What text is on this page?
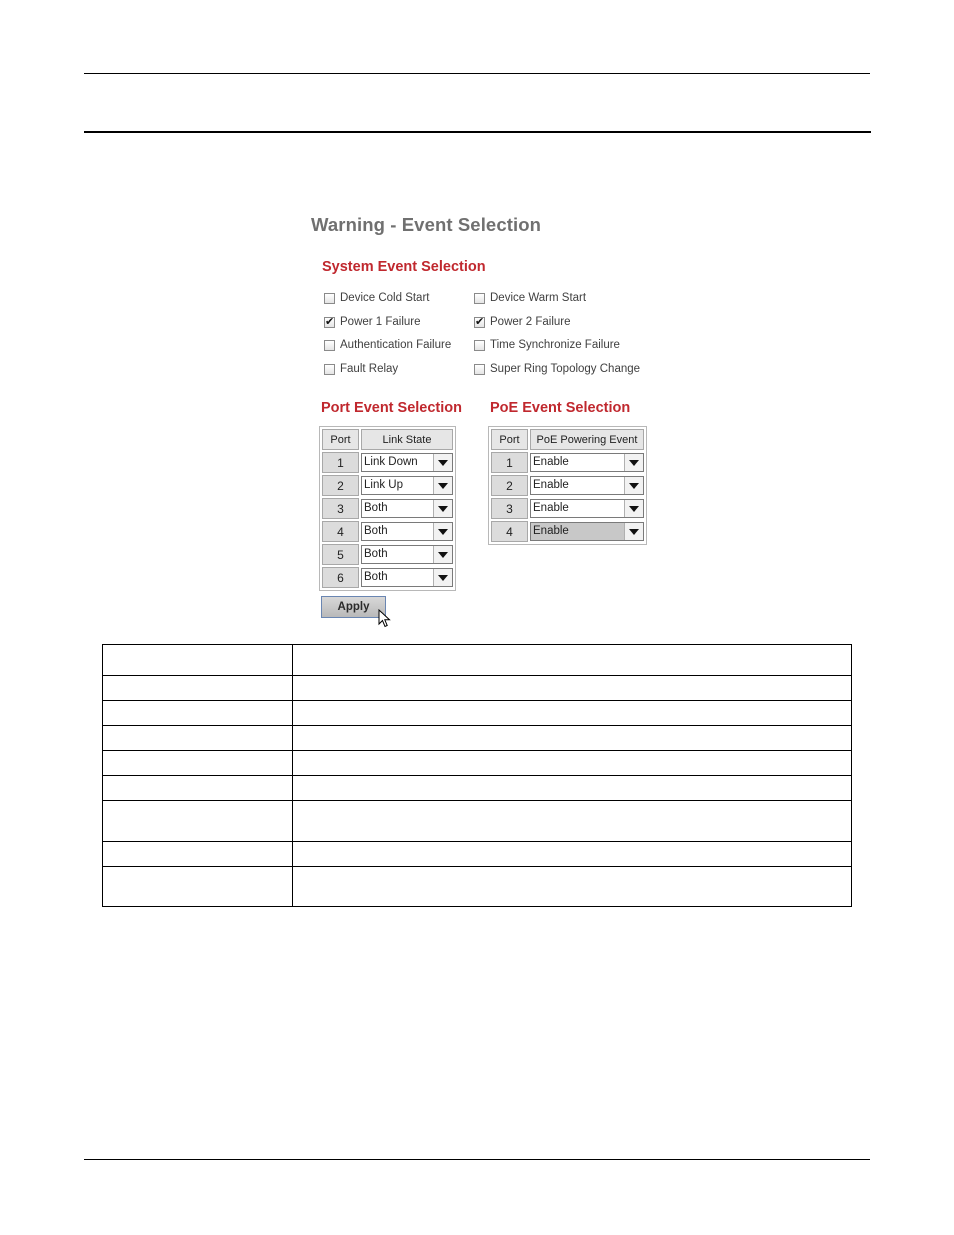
Warning - Event Selection
System Event Selection
Device Cold Start	Device Warm Start
✔
Power 1 Failure ✔	Power 2 Failure
Authentication Failure	Time Synchronize Failure
Fault Relay	Super Ring Topology Change
Port Event Selection PoE Event Selection
Port	Link State
1	Link Down

2	Link Up

3	Both

4	Both

5	Both

6	Both
Port	PoE Powering Event
1	Enable

2	Enable

3	Enable

4	Enable
Apply
